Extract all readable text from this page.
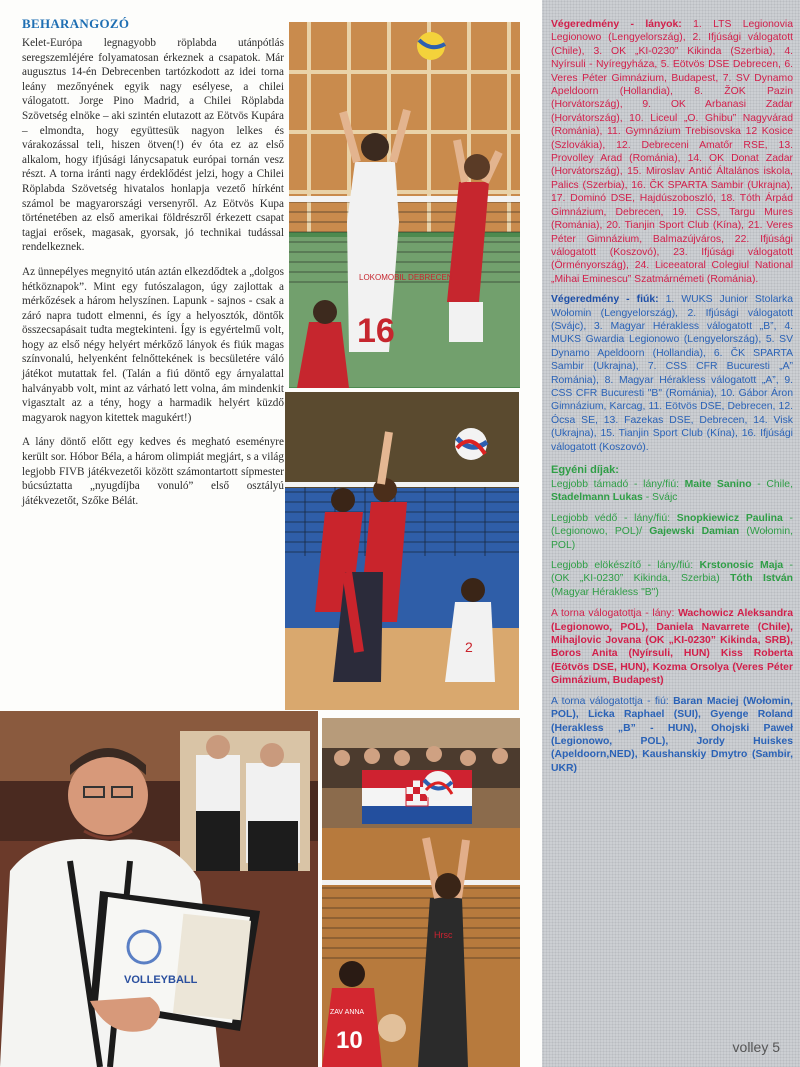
BEHARANGOZÓ

Kelet-Európa legnagyobb röplabda utánpótlás seregszemléjére folyamatosan érkeznek a csapatok. Már augusztus 14-én Debrecenben tartózkodott az idei torna leány mezőnyének egyik nagy esélyese, a chilei válogatott. Jorge Pino Madrid, a Chilei Röplabda Szövetség elnöke – aki szintén elutazott az Eötvös Kupára – elmondta, hogy együttesük nagyon lelkes és várakozással teli, hiszen ötven(!) év óta ez az első alkalom, hogy ifjúsági lánycsapatuk európai tornán vesz részt. A torna iránti nagy érdeklődést jelzi, hogy a Chilei Röplabda Szövetség hivatalos honlapja vezető hírként számol be magyarországi versenyről. Az Eötvös Kupa történetében az első amerikai földrészről érkezett csapat tagjai erősek, magasak, gyorsak, jó technikai tudással rendelkeznek.

Az ünnepélyes megnyitó után aztán elkezdődtek a „dolgos hétköznapok”. Mint egy futószalagon, úgy zajlottak a mérkőzések a három helyszínen. Lapunk - sajnos - csak a záró napra tudott elmenni, és így a helyosztók, döntők összecsapásait tudta megtekinteni. Így is egyértelmű volt, hogy az első négy helyért mérkőző lányok és fiúk magas színvonalú, helyenként felnőttekének is becsületére váló játékot mutattak fel. (Talán a fiú döntő egy árnyalattal halványabb volt, mint az várható lett volna, ám mindenkit vigasztalt az a tény, hogy a harmadik helyért küzdő magyarok nagyon kitettek magukért!)

A lány döntő előtt egy kedves és megható eseményre került sor. Hóbor Béla, a három olimpiát megjárt, s a világ legjobb FIVB játékvezetői között számontartott sípmester búcsúztatta „nyugdíjba vonuló” első osztályú játékvezetőt, Szőke Bélát.

LOKOMOBIL DEBRECEN
16
2
VOLLEYBALL
Hrsc
ZAV ANNA
10

Végeredmény - lányok: 1. LTS Legionovia Legionowo (Lengyelország), 2. Ifjúsági válogatott (Chile), 3. OK „KI-0230” Kikinda (Szerbia), 4. Nyírsuli - Nyíregyháza, 5. Eötvös DSE Debrecen, 6. Veres Péter Gimnázium, Budapest, 7. SV Dynamo Apeldoorn (Hollandia), 8. ŽOK Pazin (Horvátország), 9. OK Arbanasi Zadar (Horvátország), 10. Liceul „O. Ghibu” Nagyvárad (Románia), 11. Gymnázium Trebisovska 12 Kosice (Szlovákia), 12. Debreceni Amatőr RSE, 13. Provolley Arad (Románia), 14. OK Donat Zadar (Horvátország), 15. Miroslav Antić Általános iskola, Palics (Szerbia), 16. ČK SPARTA Sambir (Ukrajna), 17. Dominó DSE, Hajdúszoboszló, 18. Tóth Árpád Gimnázium, Debrecen, 19. CSS, Targu Mures (Románia), 20. Tianjin Sport Club (Kína), 21. Veres Péter Gimnázium, Balmazújváros, 22. Ifjúsági válogatott (Koszovó), 23. Ifjúsági válogatott (Örményország), 24. Liceeatoral Colegiul National „Mihai Eminescu” Szatmárnémeti (Románia).

Végeredmény - fiúk: 1. WUKS Junior Stolarka Wołomin (Lengyelország), 2. Ifjúsági válogatott (Svájc), 3. Magyar Hérakless válogatott „B”, 4. MUKS Gwardia Legionowo (Lengyelország), 5. SV Dynamo Apeldoorn (Hollandia), 6. ČK SPARTA Sambir (Ukrajna), 7. CSS CFR Bucuresti „A” Románia), 8. Magyar Hérakless válogatott „A”, 9. CSS CFR Bucuresti "B" (Románia), 10. Gábor Áron Gimnázium, Karcag, 11. Eötvös DSE, Debrecen, 12. Ócsa SE, 13. Fazekas DSE, Debrecen, 14. Visk (Ukrajna), 15. Tianjin Sport Club (Kína), 16. Ifjúsági válogatott (Koszovó).

Egyéni díjak:

Legjobb támadó - lány/fiú: Maite Sanino - Chile, Stadelmann Lukas - Svájc

Legjobb védő - lány/fiú: Snopkiewicz Paulina - (Legionowo, POL)/ Gajewski Damian (Wołomin, POL)

Legjobb elökészítő - lány/fiú: Krstonosic Maja - (OK „KI-0230” Kikinda, Szerbia) Tóth István (Magyar Hérakless "B")

A torna válogatottja - lány: Wachowicz Aleksandra (Legionowo, POL), Daniela Navarrete (Chile), Mihajlovic Jovana (OK „KI-0230” Kikinda, SRB), Boros Anita (Nyírsuli, HUN) Kiss Roberta (Eötvös DSE, HUN), Kozma Orsolya (Veres Péter Gimnázium, Budapest)

A torna válogatottja - fiú: Baran Maciej (Wołomin, POL), Licka Raphael (SUI), Gyenge Roland (Herakless „B” - HUN), Ohojski Paweł (Legionowo, POL), Jordy Huiskes (Apeldoorn,NED), Kaushanskiy Dmytro (Sambir, UKR)

volley 5
